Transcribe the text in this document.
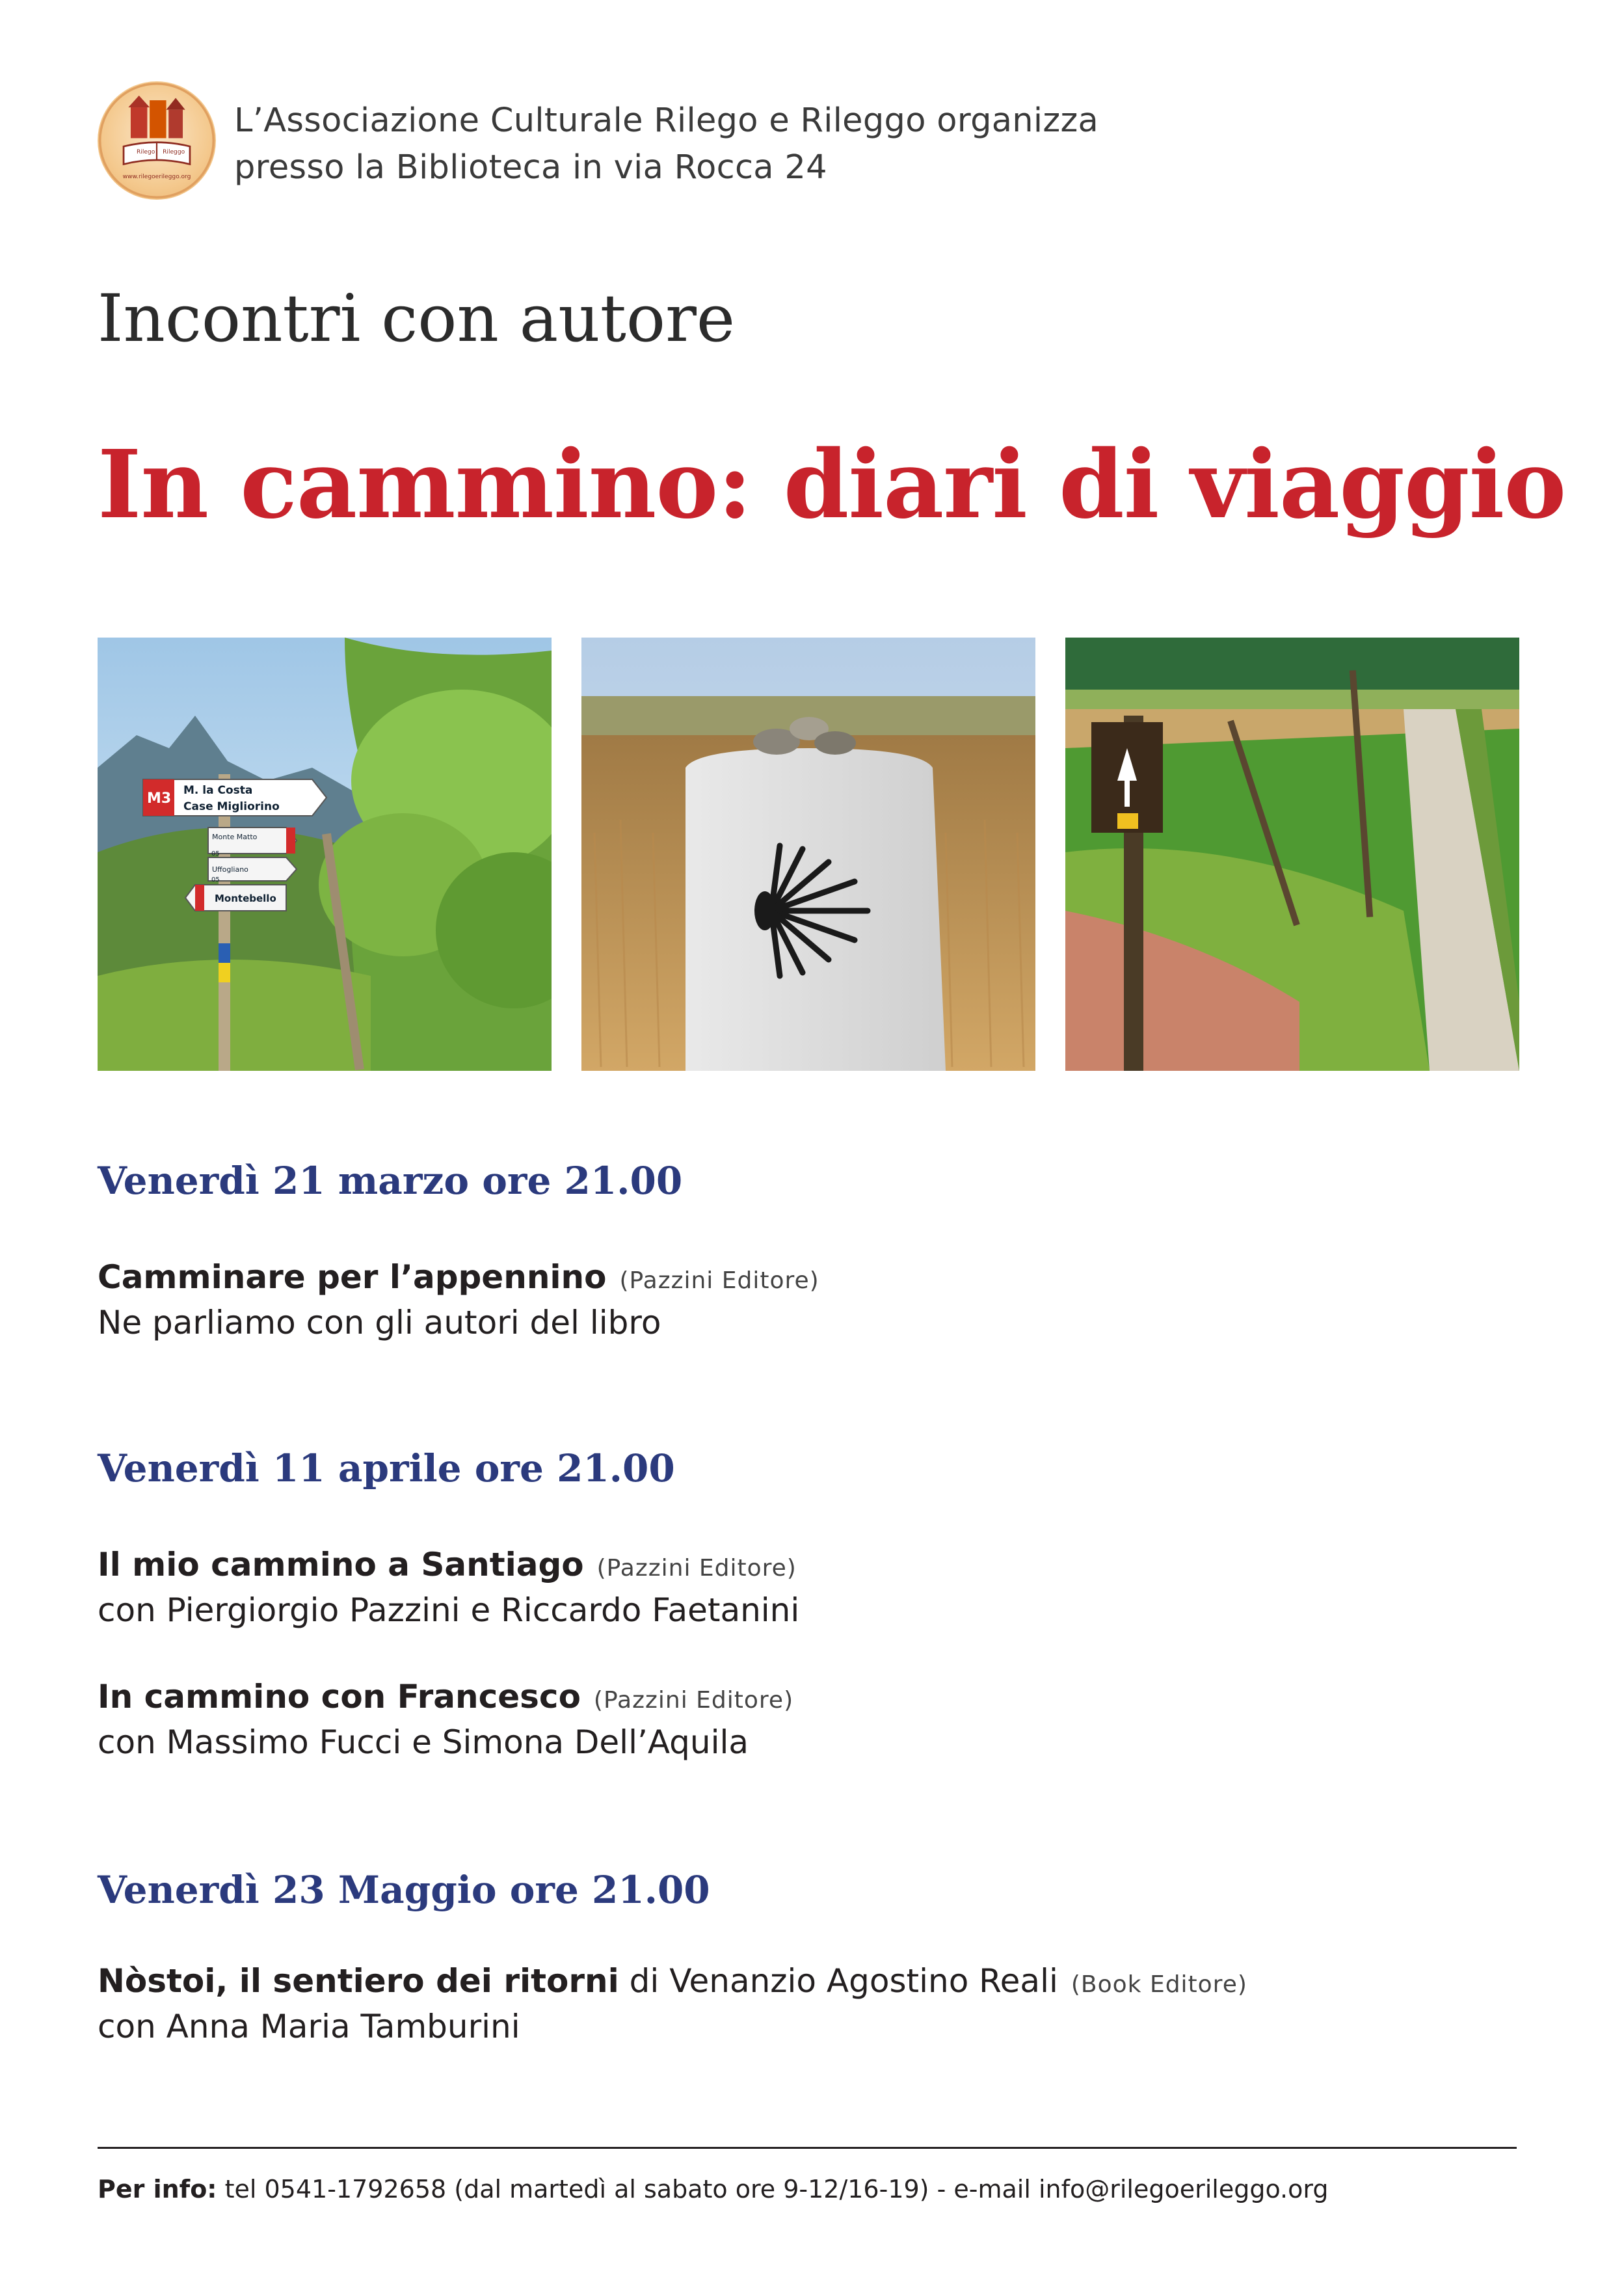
Rilego Rileggo
www.rilegoerileggo.org
L’Associazione Culturale Rilego e Rileggo organizza
presso la Biblioteca in via Rocca 24
Incontri con autore
In cammino: diari di viaggio
M3 M. la Costa
Case Migliorino
Monte Matto
Uffogliano
Montebello
05
05
Venerdì 21 marzo ore 21.00
Camminare per l’appennino (Pazzini Editore)
Ne parliamo con gli autori del libro
Venerdì 11 aprile ore 21.00
Il mio cammino a Santiago (Pazzini Editore)
con Piergiorgio Pazzini e Riccardo Faetanini
In cammino con Francesco (Pazzini Editore)
con Massimo Fucci e Simona Dell’Aquila
Venerdì 23 Maggio ore 21.00
Nòstoi, il sentiero dei ritorni di Venanzio Agostino Reali (Book Editore)
con Anna Maria Tamburini
Per info: tel 0541-1792658 (dal martedì al sabato ore 9-12/16-19) - e-mail info@rilegoerileggo.org
